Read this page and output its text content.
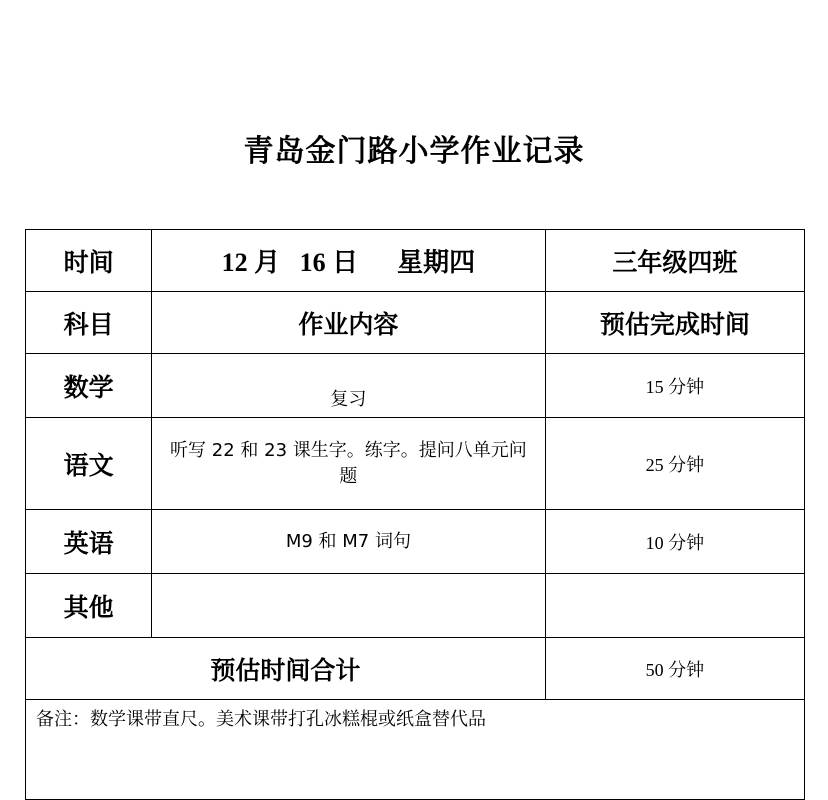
青岛金门路小学作业记录
时间	12 月   16 日      星期四	三年级四班
科目	作业内容	预估完成时间
数学	复习	15 分钟
语文	听写 22 和 23 课生字。练字。提问八单元问题	25 分钟
英语	M9 和 M7 词句	10 分钟
其他	

预估时间合计		50 分钟

备注：数学课带直尺。美术课带打孔冰糕棍或纸盒替代品		
